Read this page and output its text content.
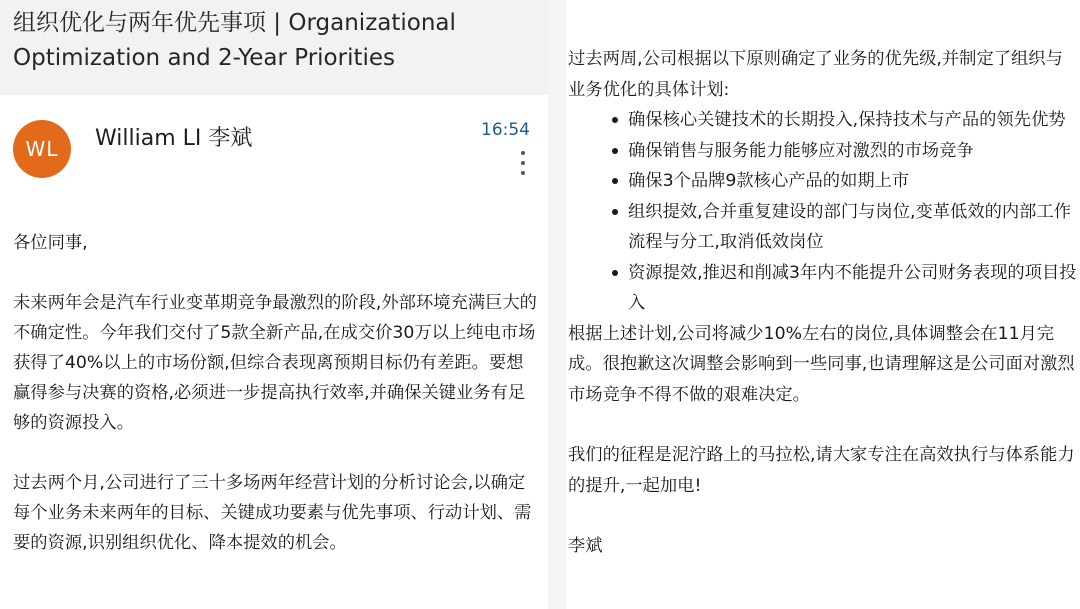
组织优化与两年优先事项 | Organizational Optimization and 2-Year Priorities
WL	William LI 李斌	16:54

各位同事,

未来两年会是汽车行业变革期竞争最激烈的阶段,外部环境充满巨大的不确定性。今年我们交付了5款全新产品,在成交价30万以上纯电市场获得了40%以上的市场份额,但综合表现离预期目标仍有差距。要想赢得参与决赛的资格,必须进一步提高执行效率,并确保关键业务有足够的资源投入。

过去两个月,公司进行了三十多场两年经营计划的分析讨论会,以确定每个业务未来两年的目标、关键成功要素与优先事项、行动计划、需要的资源,识别组织优化、降本提效的机会。

过去两周,公司根据以下原则确定了业务的优先级,并制定了组织与业务优化的具体计划:

确保核心关键技术的长期投入,保持技术与产品的领先优势
确保销售与服务能力能够应对激烈的市场竞争
确保3个品牌9款核心产品的如期上市
组织提效,合并重复建设的部门与岗位,变革低效的内部工作流程与分工,取消低效岗位
资源提效,推迟和削减3年内不能提升公司财务表现的项目投入

根据上述计划,公司将减少10%左右的岗位,具体调整会在11月完成。很抱歉这次调整会影响到一些同事,也请理解这是公司面对激烈市场竞争不得不做的艰难决定。

我们的征程是泥泞路上的马拉松,请大家专注在高效执行与体系能力的提升,一起加电!

李斌
